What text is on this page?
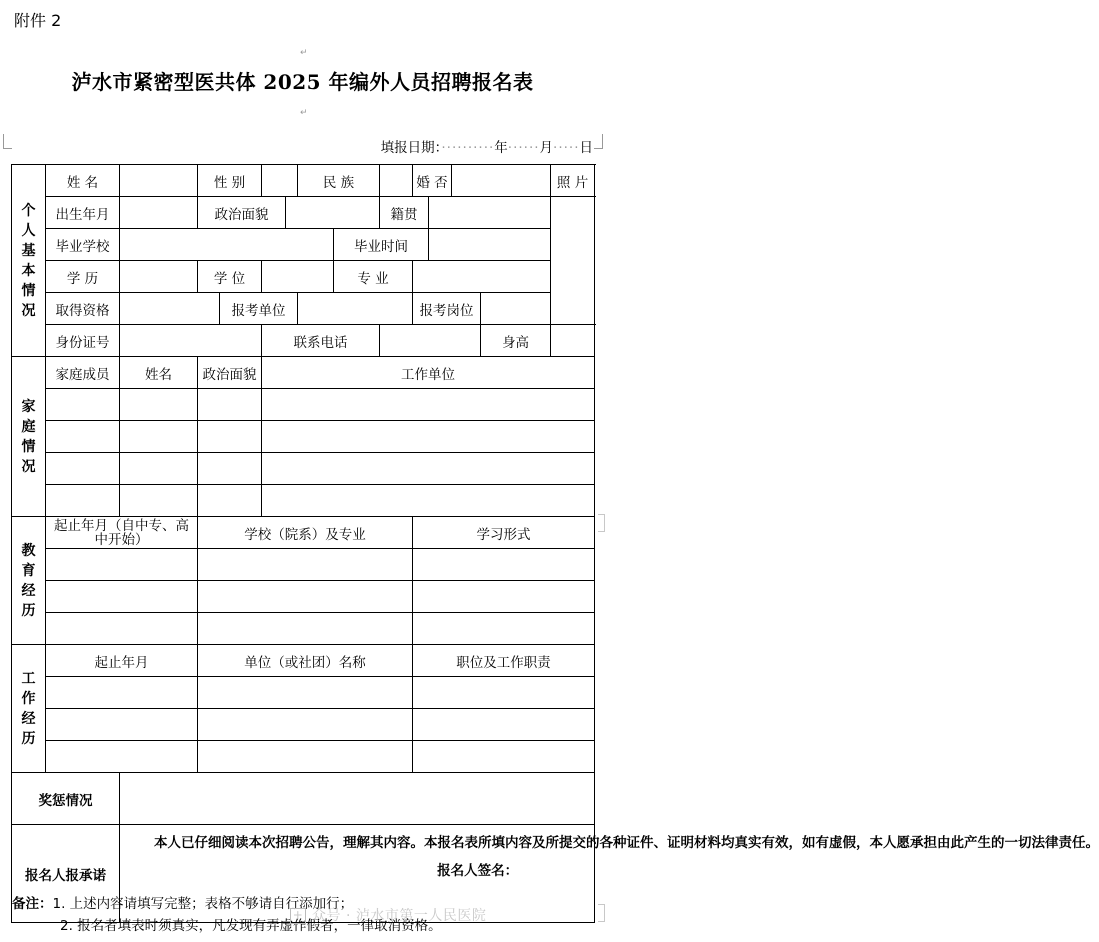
附件 2
↵
泸水市紧密型医共体 2025 年编外人员招聘报名表
↵
填报日期：··········年······月·····日
个人基本情况	姓 名		性 别				民 族			婚 否				照 片
	出生年月		政治面貌						籍贯					
	毕业学校							毕业时间						
	学 历		学 位					专 业						
	取得资格			报考单位						报考岗位				
	身份证号				联系电话								身高	

家庭情况	家庭成员	姓名	政治面貌		工作单位									

教育经历	起止年月（自中专、高中开始）		学校（院系）及专业							学习形式				

工作经历	起止年月		单位（或社团）名称							职位及工作职责				

奖惩情况														
报名人报承诺		本人已仔细阅读本次招聘公告，理解其内容。本报名表所填内容及所提交的各种证件、证明材料均真实有效，如有虚假，本人愿承担由此产生的一切法律责任。
报名人签名：												
备注：1. 上述内容请填写完整；表格不够请自行添加行；
2. 报名者填表时须真实，凡发现有弄虚作假者，一律取消资格。
+ 众号 · 泸水市第一人民医院
